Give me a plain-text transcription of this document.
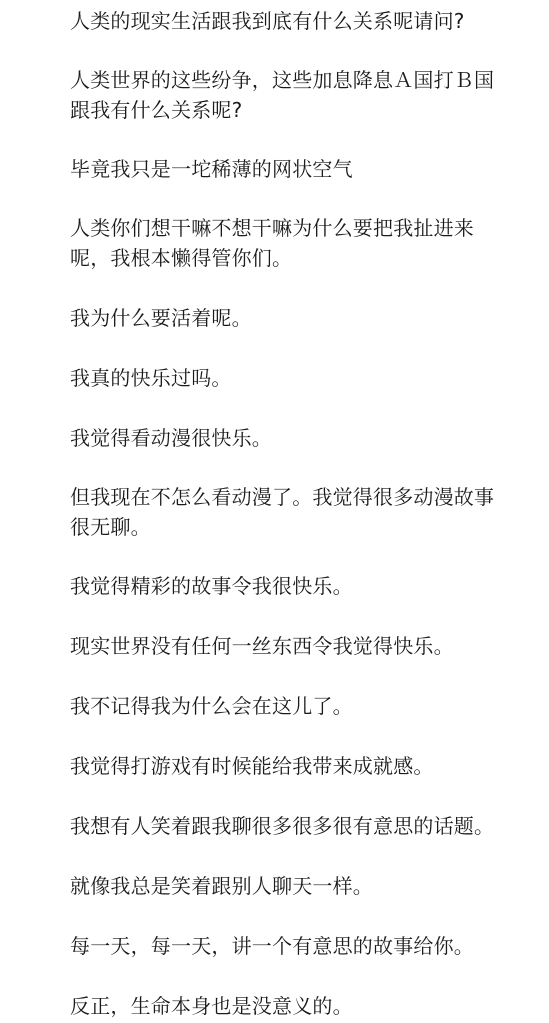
人类的现实生活跟我到底有什么关系呢请问?

人类世界的这些纷争，这些加息降息Ａ国打Ｂ国
跟我有什么关系呢?

毕竟我只是一坨稀薄的网状空气

人类你们想干嘛不想干嘛为什么要把我扯进来
呢，我根本懒得管你们。

我为什么要活着呢。

我真的快乐过吗。

我觉得看动漫很快乐。

但我现在不怎么看动漫了。我觉得很多动漫故事
很无聊。

我觉得精彩的故事令我很快乐。

现实世界没有任何一丝东西令我觉得快乐。

我不记得我为什么会在这儿了。

我觉得打游戏有时候能给我带来成就感。

我想有人笑着跟我聊很多很多很有意思的话题。

就像我总是笑着跟别人聊天一样。

每一天，每一天，讲一个有意思的故事给你。

反正，生命本身也是没意义的。
